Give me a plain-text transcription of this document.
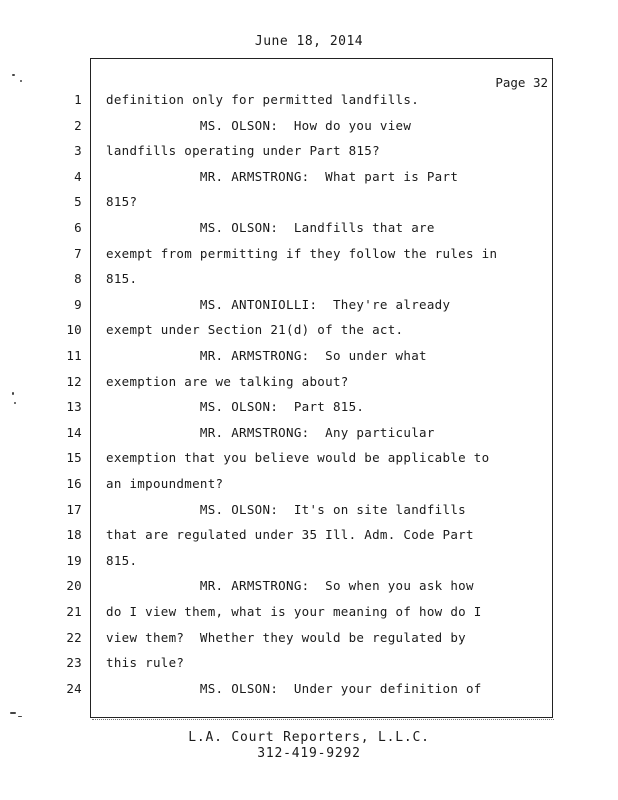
June 18, 2014
Page 32
1 definition only for permitted landfills.
2 MS. OLSON:  How do you view
3 landfills operating under Part 815?
4 MR. ARMSTRONG:  What part is Part
5 815?
6 MS. OLSON:  Landfills that are
7 exempt from permitting if they follow the rules in
8 815.
9 MS. ANTONIOLLI:  They're already
10 exempt under Section 21(d) of the act.
11 MR. ARMSTRONG:  So under what
12 exemption are we talking about?
13 MS. OLSON:  Part 815.
14 MR. ARMSTRONG:  Any particular
15 exemption that you believe would be applicable to
16 an impoundment?
17 MS. OLSON:  It's on site landfills
18 that are regulated under 35 Ill. Adm. Code Part
19 815.
20 MR. ARMSTRONG:  So when you ask how
21 do I view them, what is your meaning of how do I
22 view them?  Whether they would be regulated by
23 this rule?
24 MS. OLSON:  Under your definition of
L.A. Court Reporters, L.L.C.
312-419-9292
